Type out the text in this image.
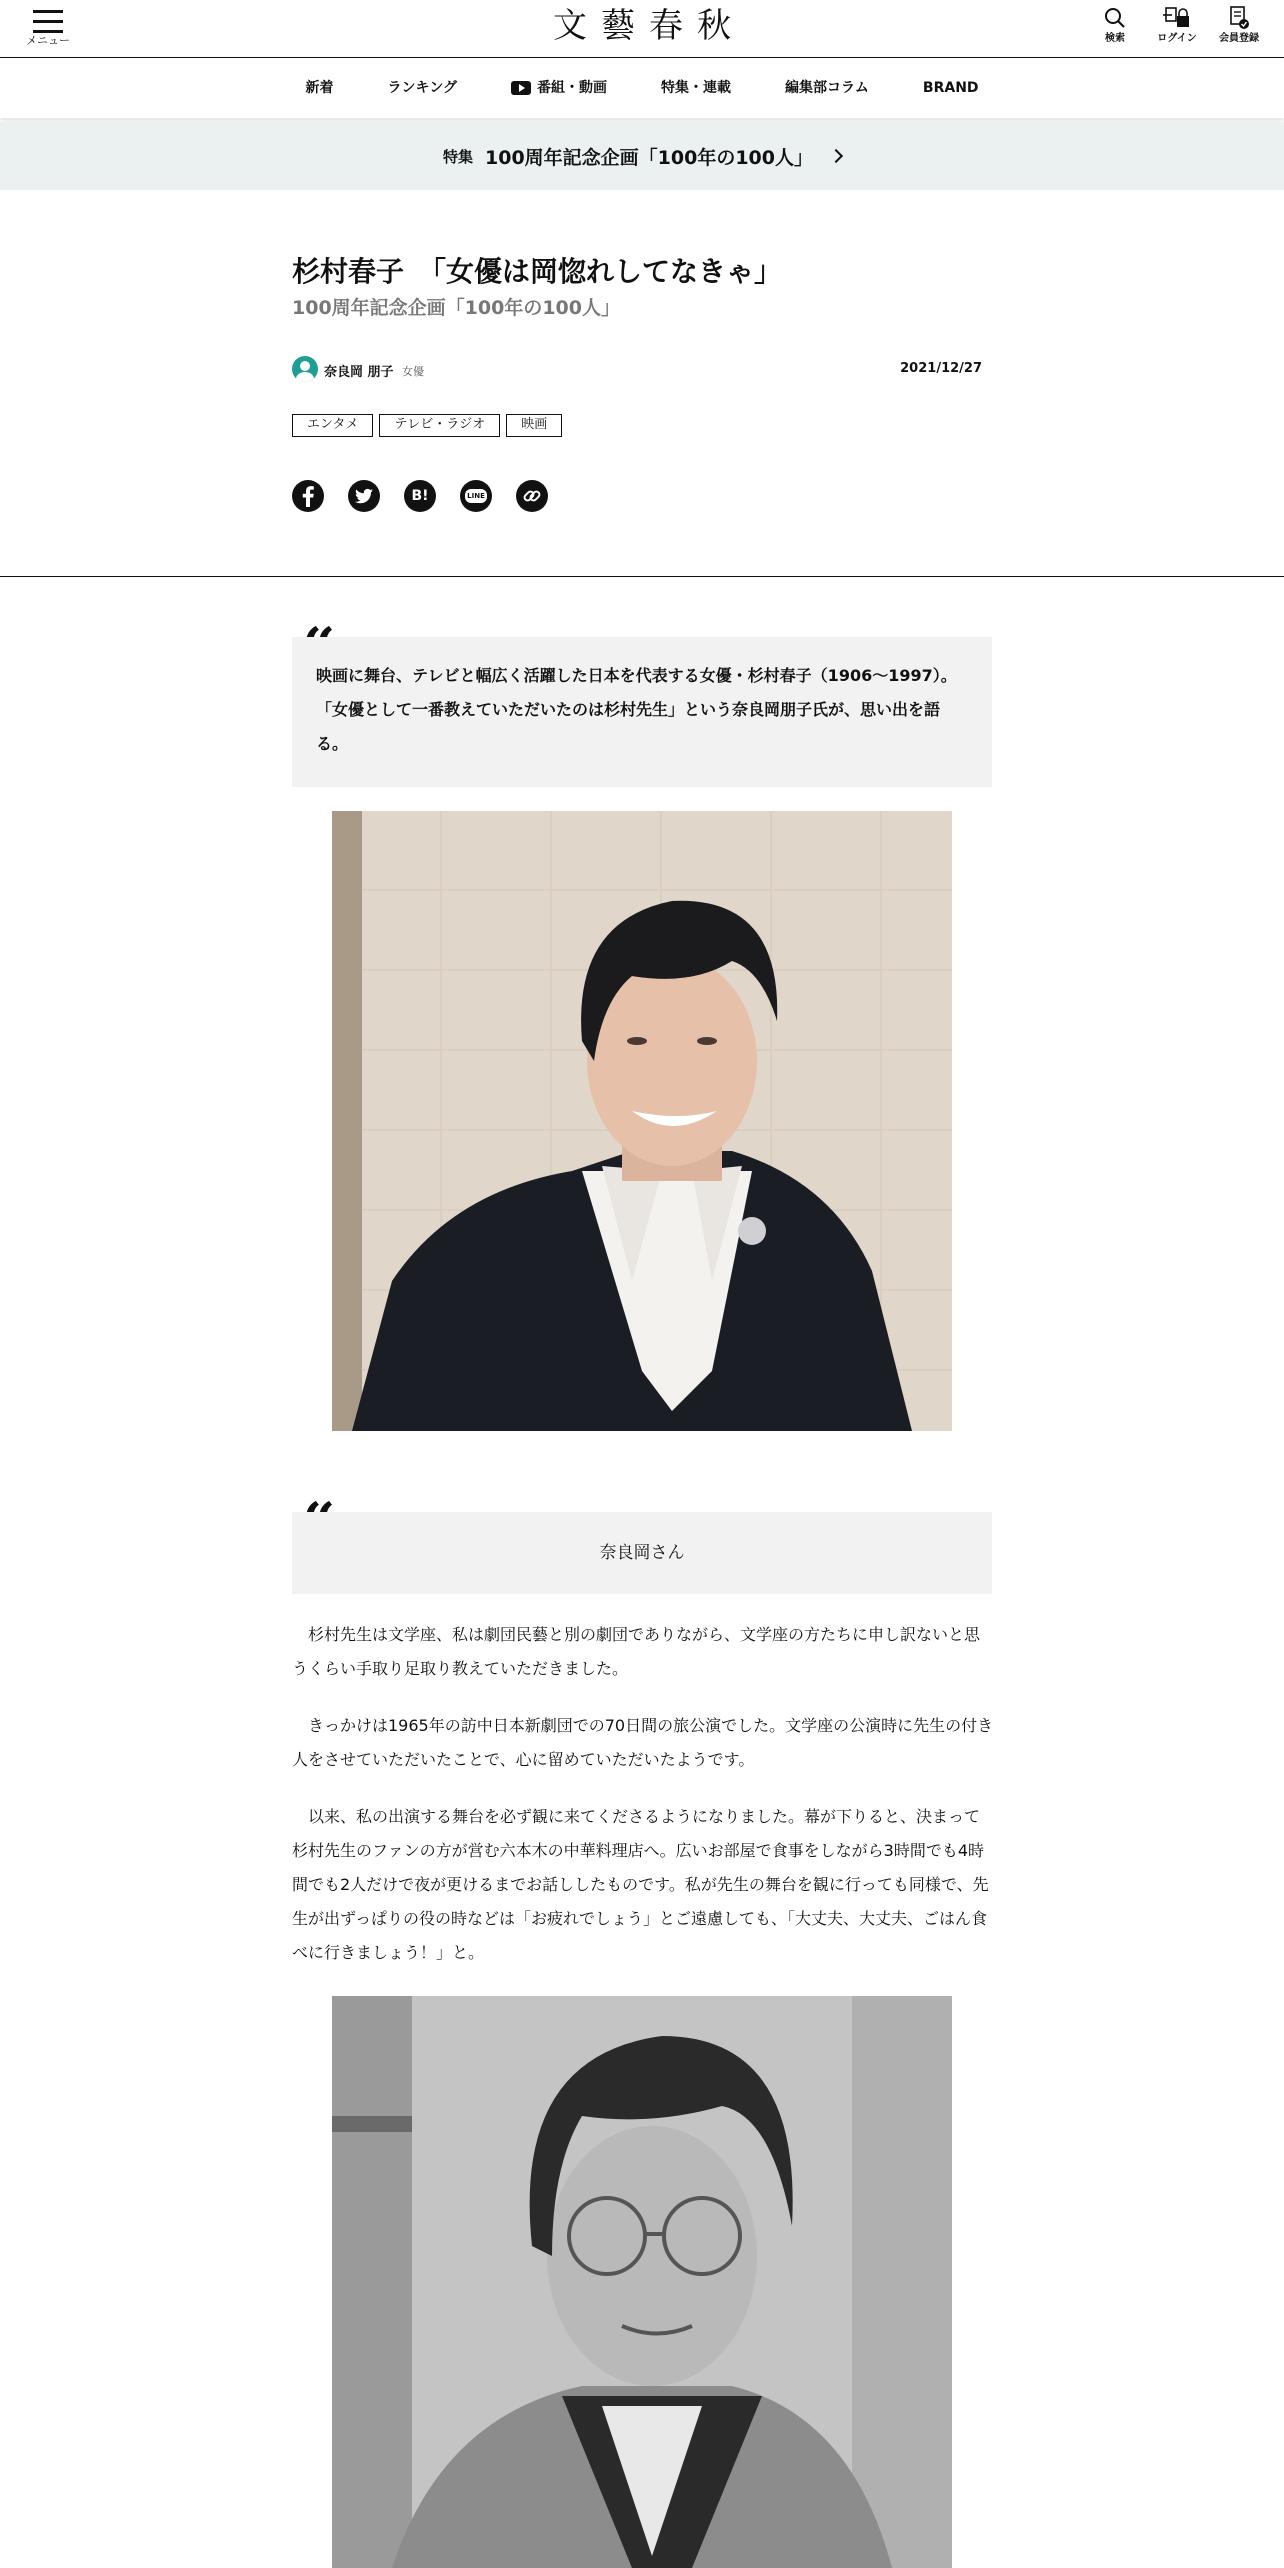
メニュー	文藝春秋	検索	ログイン	会員登録
新着	ランキング	番組・動画	特集・連載	編集部コラム	BRAND
特集 100周年記念企画「100年の100人」
杉村春子　「女優は岡惚れしてなきゃ」
100周年記念企画「100年の100人」
奈良岡 朋子 女優	2021/12/27
エンタメ	テレビ・ラジオ	映画
B!	LINE
映画に舞台、テレビと幅広く活躍した日本を代表する女優・杉村春子（1906～1997）。「女優として一番教えていただいたのは杉村先生」という奈良岡朋子氏が、思い出を語る。
奈良岡さん

杉村先生は文学座、私は劇団民藝と別の劇団でありながら、文学座の方たちに申し訳ないと思うくらい手取り足取り教えていただきました。

きっかけは1965年の訪中日本新劇団での70日間の旅公演でした。文学座の公演時に先生の付き人をさせていただいたことで、心に留めていただいたようです。

以来、私の出演する舞台を必ず観に来てくださるようになりました。幕が下りると、決まって杉村先生のファンの方が営む六本木の中華料理店へ。広いお部屋で食事をしながら3時間でも4時間でも2人だけで夜が更けるまでお話ししたものです。私が先生の舞台を観に行っても同様で、先生が出ずっぱりの役の時などは「お疲れでしょう」とご遠慮しても、「大丈夫、大丈夫、ごはん食べに行きましょう！」と。
